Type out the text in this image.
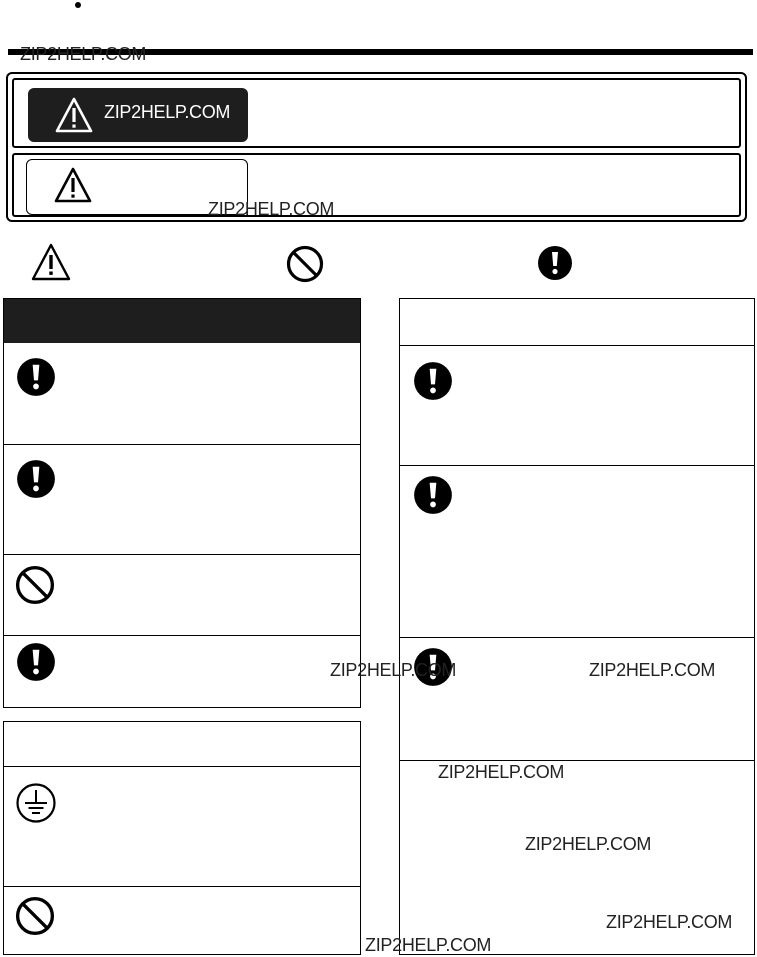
ZIP2HELP.COM
ZIP2HELP.COM
ZIP2HELP.COM
ZIP2HELP.COM	ZIP2HELP.COM
ZIP2HELP.COM
ZIP2HELP.COM
ZIP2HELP.COM
ZIP2HELP.COM
